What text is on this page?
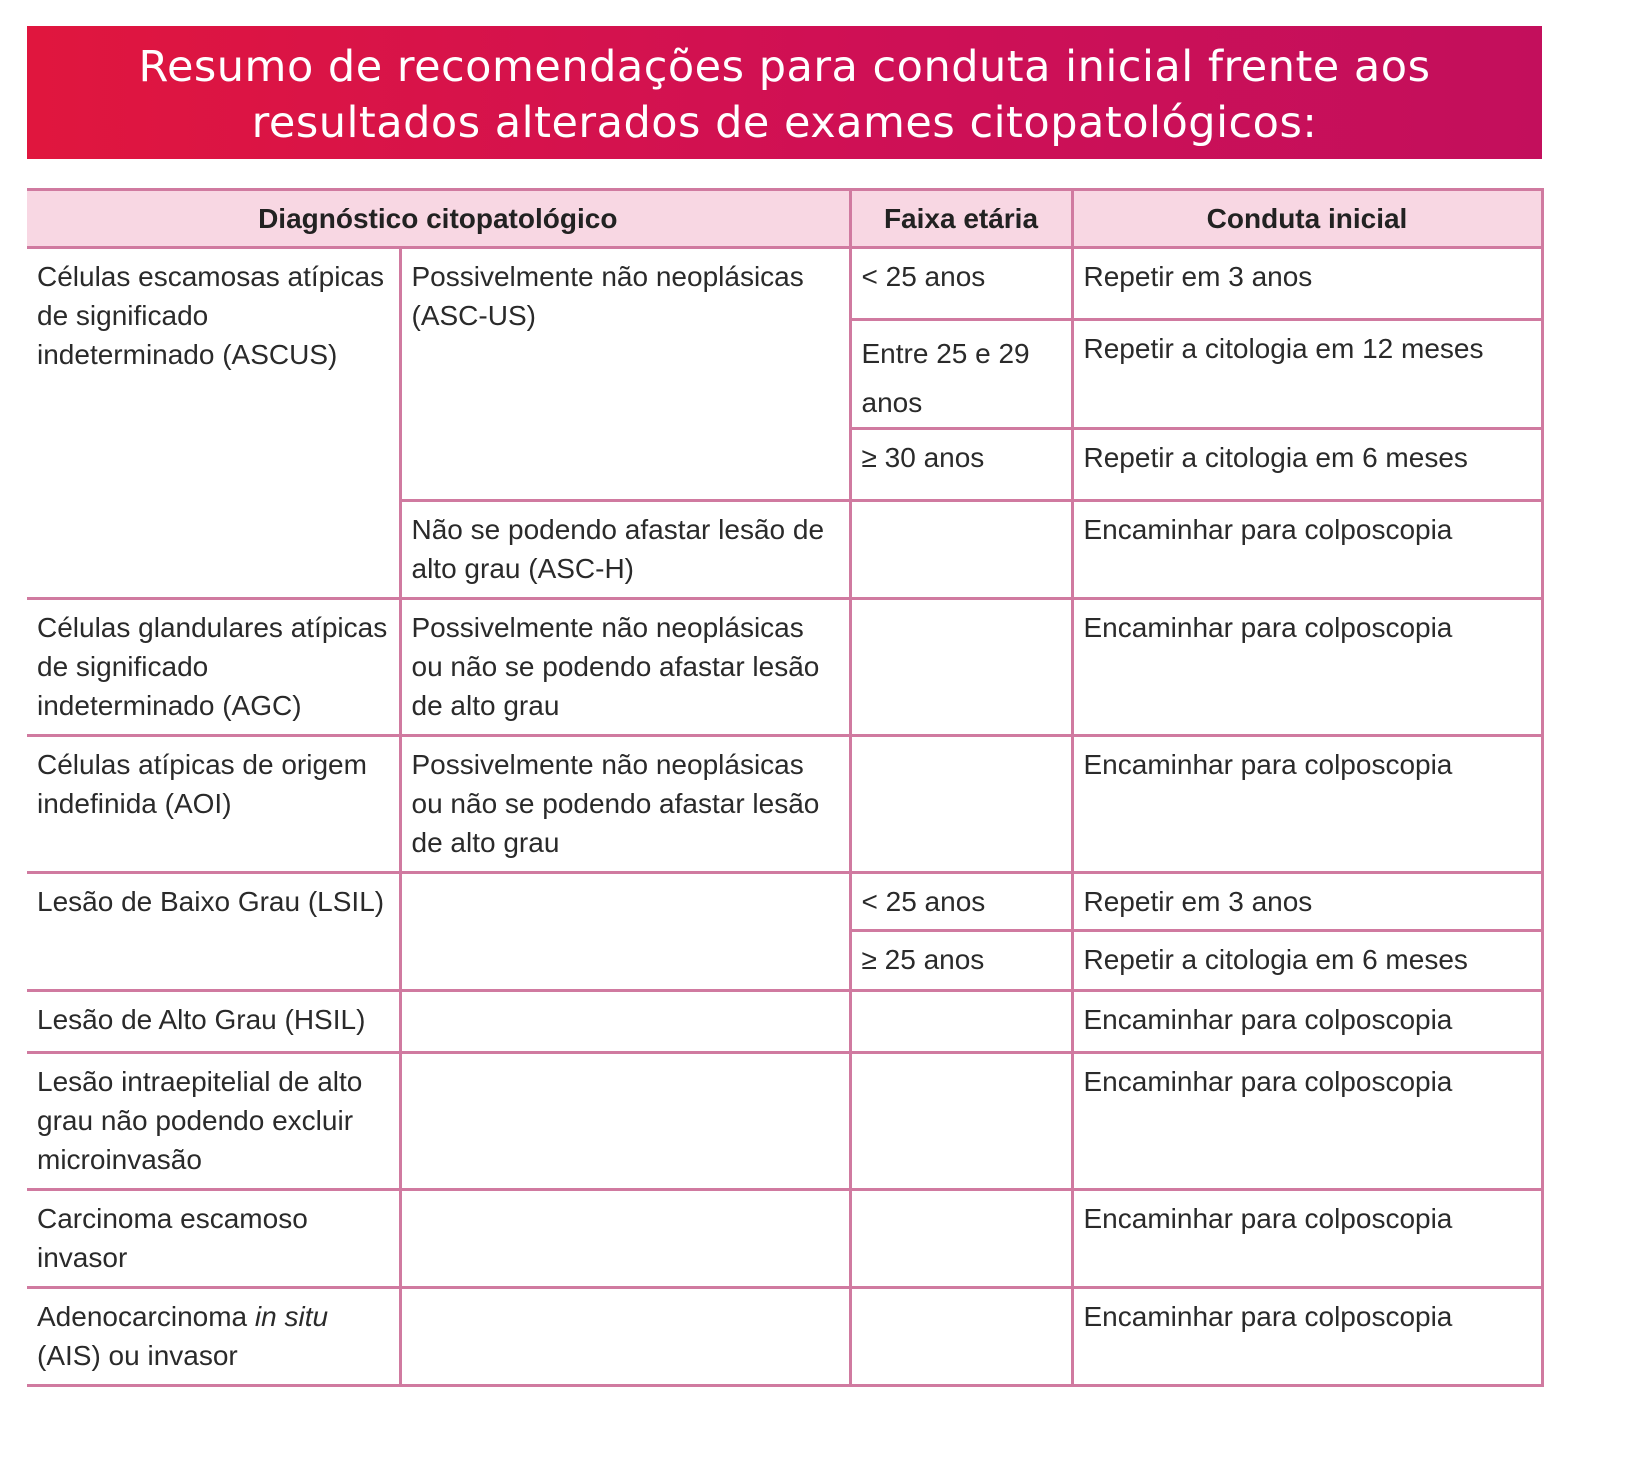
Resumo de recomendações para conduta inicial frente aos
resultados alterados de exames citopatológicos:
Diagnóstico citopatológico		Faixa etária	Conduta inicial
Células escamosas atípicas de significado indeterminado (ASCUS)	Possivelmente não neoplásicas (ASC-US)	< 25 anos	Repetir em 3 anos
		Entre 25 e 29 anos	Repetir a citologia em 12 meses
		≥ 30 anos	Repetir a citologia em 6 meses
	Não se podendo afastar lesão de alto grau (ASC-H)		Encaminhar para colposcopia
Células glandulares atípicas de significado indeterminado (AGC)	Possivelmente não neoplásicas ou não se podendo afastar lesão de alto grau		Encaminhar para colposcopia
Células atípicas de origem indefinida (AOI)	Possivelmente não neoplásicas ou não se podendo afastar lesão de alto grau		Encaminhar para colposcopia
Lesão de Baixo Grau (LSIL)		< 25 anos	Repetir em 3 anos
		≥ 25 anos	Repetir a citologia em 6 meses
Lesão de Alto Grau (HSIL)			Encaminhar para colposcopia
Lesão intraepitelial de alto grau não podendo excluir microinvasão			Encaminhar para colposcopia
Carcinoma escamoso invasor			Encaminhar para colposcopia
Adenocarcinoma in situ (AIS) ou invasor			Encaminhar para colposcopia
